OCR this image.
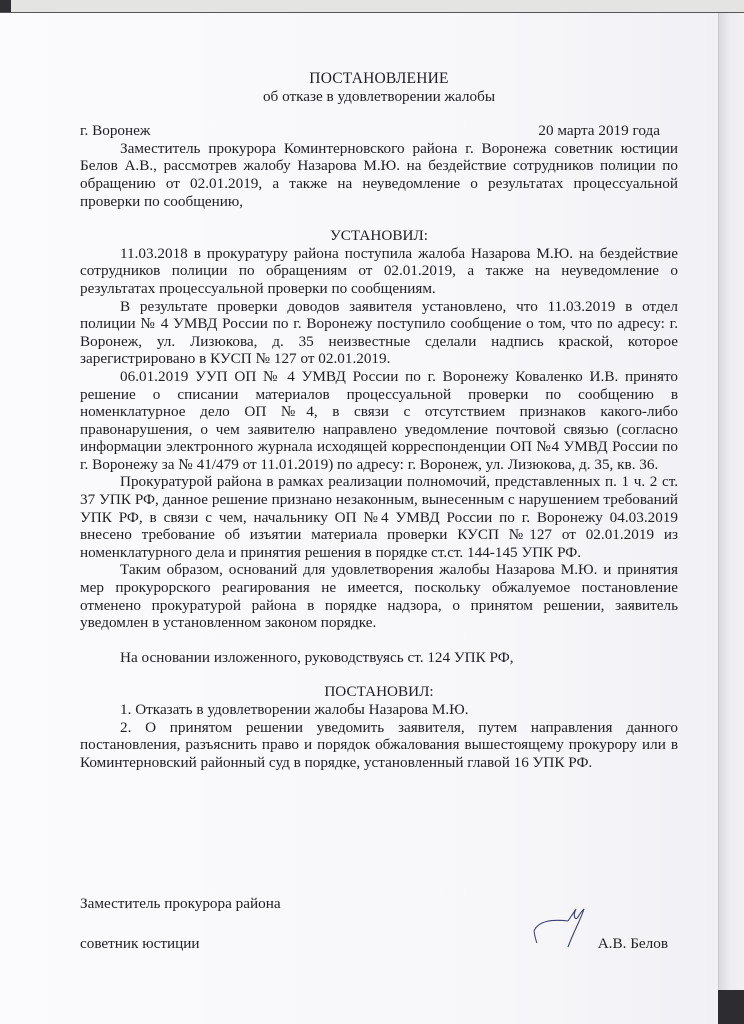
ПОСТАНОВЛЕНИЕ
об отказе в удовлетворении жалобы
г. Воронеж	20 марта 2019 года

Заместитель прокурора Коминтерновского района г. Воронежа советник юстиции Белов А.В., рассмотрев жалобу Назарова М.Ю. на бездействие сотрудников полиции по обращению от 02.01.2019, а также на неуведомление о результатах процессуальной проверки по сообщению,

УСТАНОВИЛ:

11.03.2018 в прокуратуру района поступила жалоба Назарова М.Ю. на бездействие сотрудников полиции по обращениям от 02.01.2019, а также на неуведомление о результатах процессуальной проверки по сообщениям.

В результате проверки доводов заявителя установлено, что 11.03.2019 в отдел полиции № 4 УМВД России по г. Воронежу поступило сообщение о том, что по адресу: г. Воронеж, ул. Лизюкова, д. 35 неизвестные сделали надпись краской, которое зарегистрировано в КУСП № 127 от 02.01.2019.

06.01.2019 УУП ОП № 4 УМВД России по г. Воронежу Коваленко И.В. принято решение о списании материалов процессуальной проверки по сообщению в номенклатурное дело ОП №4, в связи с отсутствием признаков какого-либо правонарушения, о чем заявителю направлено уведомление почтовой связью (согласно информации электронного журнала исходящей корреспонденции ОП №4 УМВД России по г. Воронежу за № 41/479 от 11.01.2019) по адресу: г. Воронеж, ул. Лизюкова, д. 35, кв. 36.

Прокуратурой района в рамках реализации полномочий, представленных п. 1 ч. 2 ст. 37 УПК РФ, данное решение признано незаконным, вынесенным с нарушением требований УПК РФ, в связи с чем, начальнику ОП №4 УМВД России по г. Воронежу 04.03.2019 внесено требование об изъятии материала проверки КУСП №127 от 02.01.2019 из номенклатурного дела и принятия решения в порядке ст.ст. 144-145 УПК РФ.

Таким образом, оснований для удовлетворения жалобы Назарова М.Ю. и принятия мер прокурорского реагирования не имеется, поскольку обжалуемое постановление отменено прокуратурой района в порядке надзора, о принятом решении, заявитель уведомлен в установленном законом порядке.

На основании изложенного, руководствуясь ст. 124 УПК РФ,

ПОСТАНОВИЛ:

1. Отказать в удовлетворении жалобы Назарова М.Ю.

2. О принятом решении уведомить заявителя, путем направления данного постановления, разъяснить право и порядок обжалования вышестоящему прокурору или в Коминтерновский районный суд в порядке, установленный главой 16 УПК РФ.

Заместитель прокурора района
советник юстиции	А.В. Белов
